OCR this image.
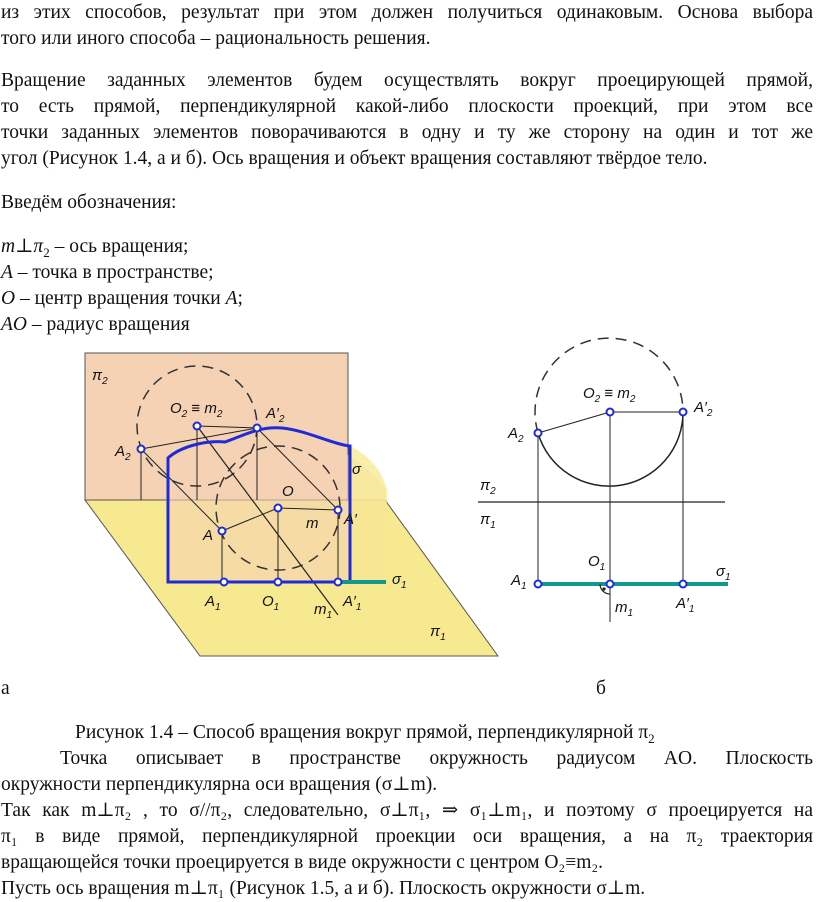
из этих способов, результат при этом должен получиться одинаковым. Основа выбора
того или иного способа – рациональность решения.
Вращение заданных элементов будем осуществлять вокруг проецирующей прямой,
то есть прямой, перпендикулярной какой-либо плоскости проекций, при этом все
точки заданных элементов поворачиваются в одну и ту же сторону на один и тот же
угол (Рисунок 1.4, а и б). Ось вращения и объект вращения составляют твёрдое тело.
Введём обозначения:
$m\perp\pi_2$ – ось вращения;
A – точка в пространстве;
O – центр вращения точки A;
AO – радиус вращения
$\pi_2$
$O_2 \equiv m_2$	$A'_2$
$A_2$
σ
O
m A′
A
$A_1$	$O_1$	$A'_1$
$\sigma_1$
$m_1$
$\pi_1$
$O_2 \equiv m_2$
$A_2$
$A'_2$
$\pi_2$
$\pi_1$
$A_1$
$O_1$	$\sigma_1$
$m_1$
$A'_1$
а	б
Рисунок 1.4 – Способ вращения вокруг прямой, перпендикулярной $\pi_2$
Точка описывает в пространстве окружность радиусом AO. Плоскость
окружности перпендикулярна оси вращения (σ⊥m).
Так как m⊥π₂ , то σ//π₂, следовательно, σ⊥π₁, ⇒ σ₁⊥m₁, и поэтому σ проецируется на
π₁ в виде прямой, перпендикулярной проекции оси вращения, а на π₂ траектория
вращающейся точки проецируется в виде окружности с центром O₂≡m₂.
Пусть ось вращения m⊥π₁ (Рисунок 1.5, а и б). Плоскость окружности σ⊥m.
